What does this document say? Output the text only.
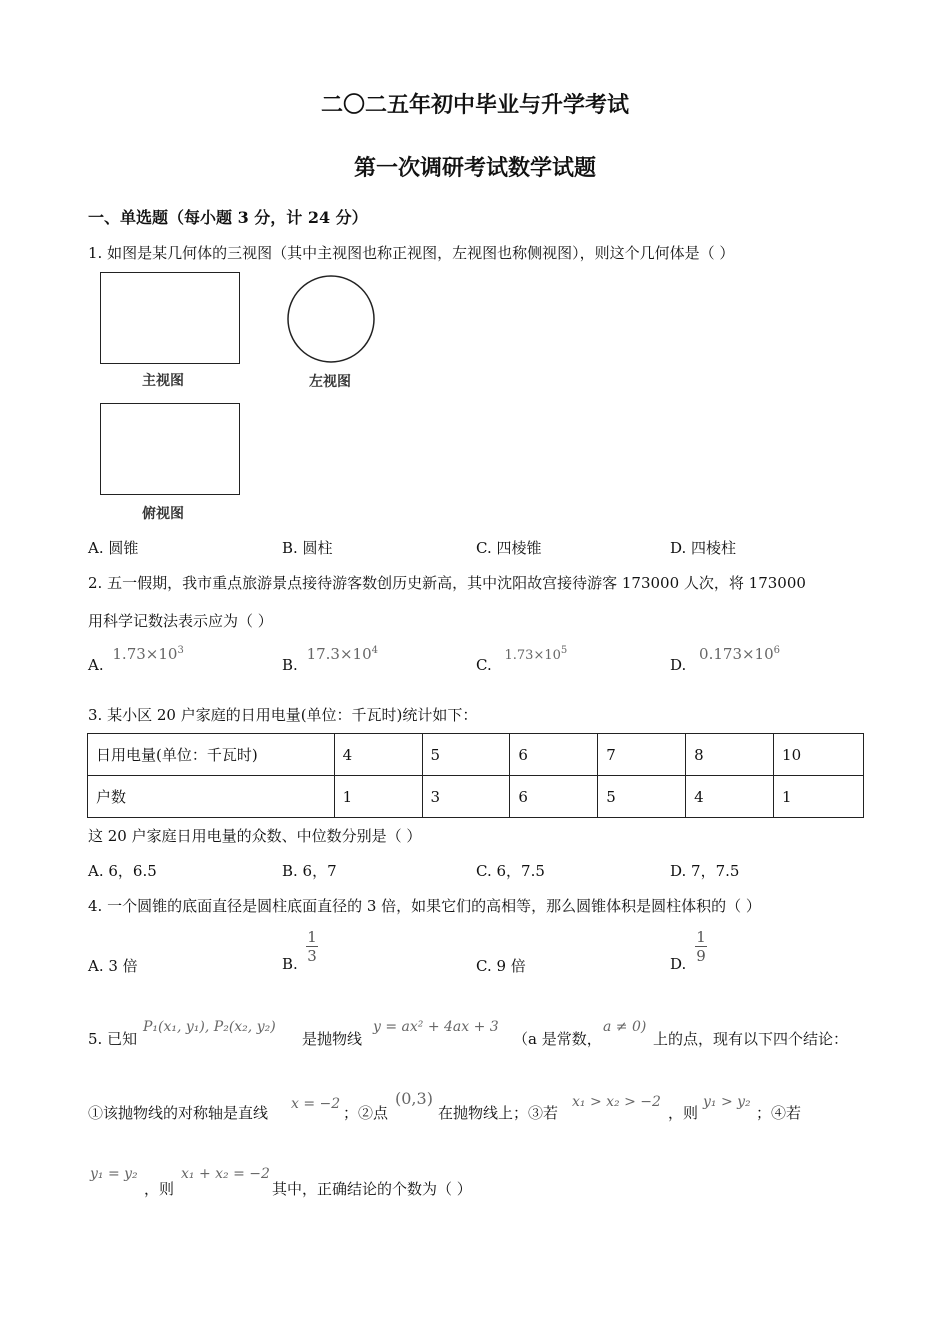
二〇二五年初中毕业与升学考试
第一次调研考试数学试题
一、单选题（每小题 3 分，计 24 分）
1. 如图是某几何体的三视图（其中主视图也称正视图，左视图也称侧视图），则这个几何体是（ ）
主视图	左视图
俯视图
A. 圆锥	B. 圆柱	C. 四棱锥	D. 四棱柱
2. 五一假期，我市重点旅游景点接待游客数创历史新高，其中沈阳故宫接待游客 173000 人次，将 173000
用科学记数法表示应为（ ）
A. $1.73\times 10^3$
B. $17.3\times 10^4$
C. $1.73\times 10^5$
D. $0.173\times 10^6$
3. 某小区 20 户家庭的日用电量(单位：千瓦时)统计如下：
日用电量(单位：千瓦时)	4	5	6	7	8	10
户数	1	3	6	5	4	1
这 20 户家庭日用电量的众数、中位数分别是（ ）
A. 6，6.5	B. 6，7	C. 6，7.5	D. 7，7.5
4. 一个圆锥的底面直径是圆柱底面直径的 3 倍，如果它们的高相等，那么圆锥体积是圆柱体积的（ ）
A. 3 倍	B.
1
3
C. 9 倍	D.
1
9
5. 已知
P₁(x₁, y₁), P₂(x₂, y₂)
是抛物线
y = ax² + 4ax + 3
（a 是常数，
a ≠ 0)
上的点，现有以下四个结论：
①该抛物线的对称轴是直线 x = −2 ；②点
(0,3)
在抛物线上；③若
x₁ > x₂ > −2
，则
y₁ > y₂
；④若
y₁ = y₂
，则
x₁ + x₂ = −2
其中，正确结论的个数为（ ）
